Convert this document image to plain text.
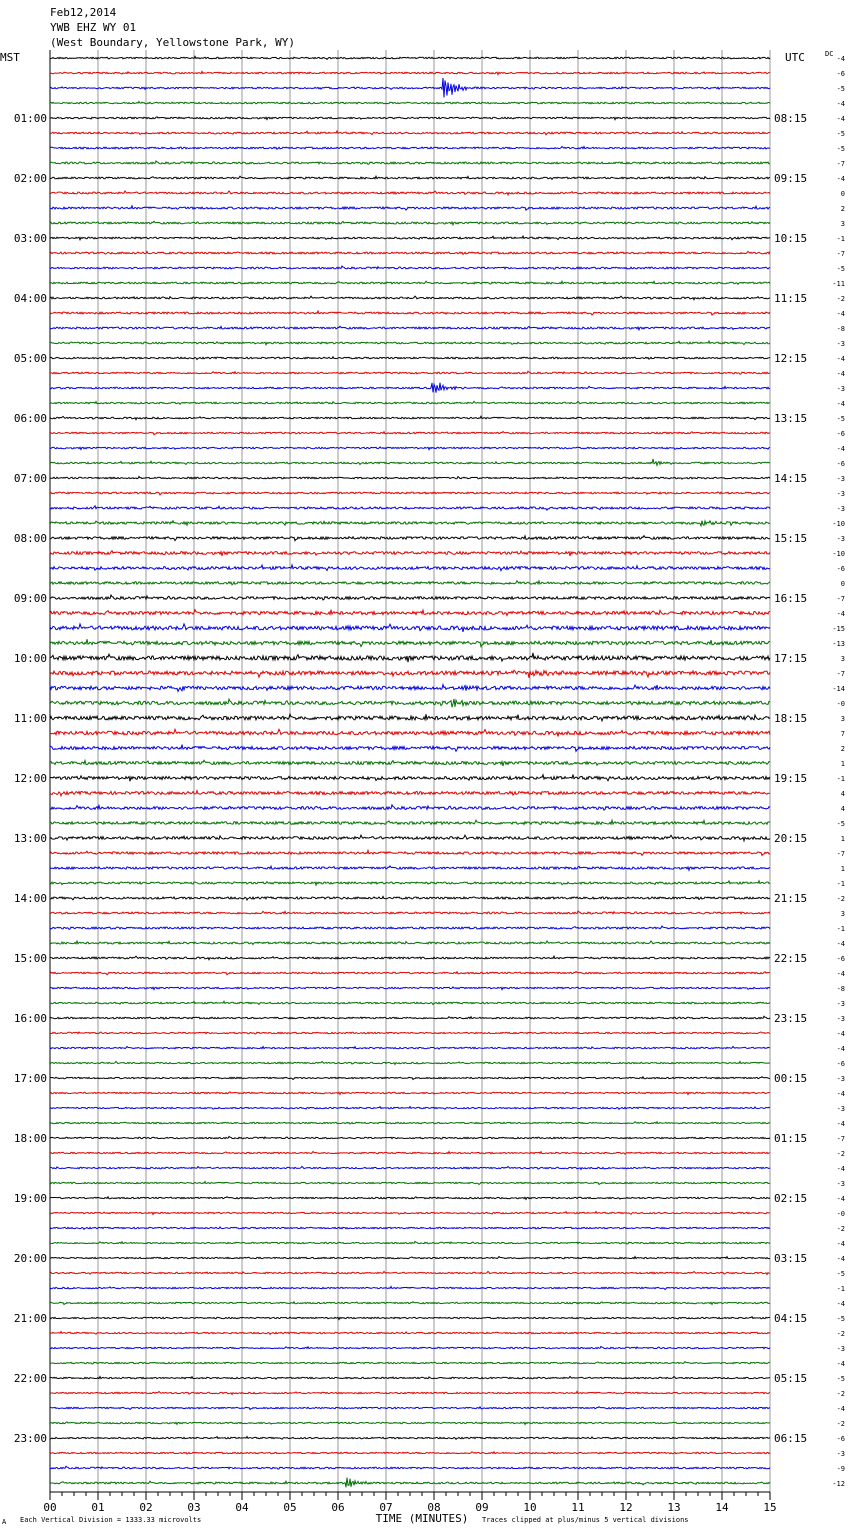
Feb12,2014
YWB EHZ WY 01
(West Boundary, Yellowstone Park, WY)
MST	UTC	DC
01:00
02:00
03:00
04:00
05:00
06:00
07:00
08:00
09:00
10:00
11:00
12:00
13:00
14:00
15:00
16:00
17:00
18:00
19:00
20:00
21:00
22:00
23:00
08:15
09:15
10:15
11:15
12:15
13:15
14:15
15:15
16:15
17:15
18:15
19:15
20:15
21:15
22:15
23:15
00:15
01:15
02:15
03:15
04:15
05:15
06:15
-4
-6
-5
-4
-4
-5
-5
-7
-4
0
2
3
-1
-7
-5
-11
-2
-4
-8
-3
-4
-4
-3
-4
-5
-6
-4
-6
-3
-3
-3
-10
-3
-10
-6
0
-7
-4
-15
-13
3
-7
-14
-0
3
7
2
1
-1
4
4
-5
1
-7
1
-1
-2
3
-1
-4
-6
-4
-8
-3
-3
-4
-4
-6
-3
-4
-3
-4
-7
-2
-4
-3
-4
-0
-2
-4
-4
-5
-1
-4
-5
-2
-3
-4
-5
-2
-4
-2
-6
-3
-9
-12
00	01	02	03	04	05	06	07	08	09	10	11	12	13	14	15
TIME (MINUTES)
A Each Vertical Division = 1333.33 microvolts	Traces clipped at plus/minus 5 vertical divisions
